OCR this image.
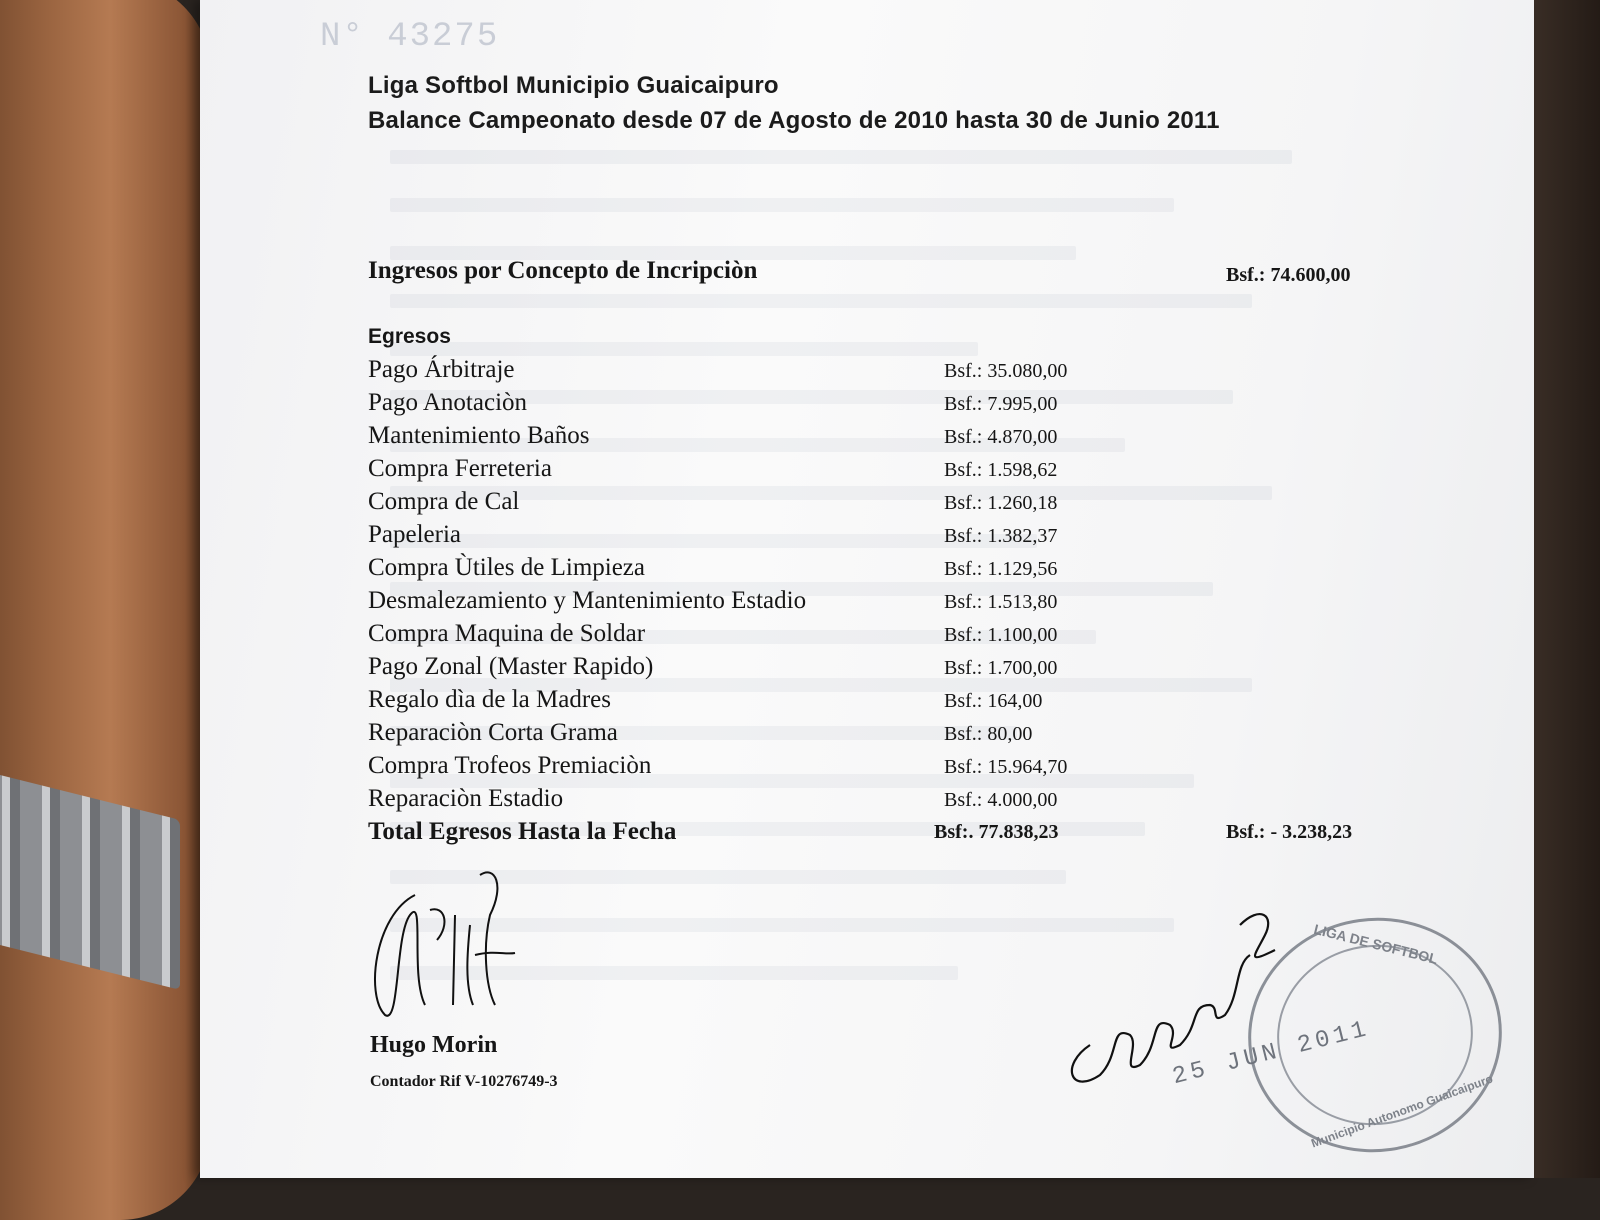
N° 43275
Liga Softbol Municipio Guaicaipuro
Balance Campeonato desde 07 de Agosto de 2010 hasta 30 de Junio 2011
Ingresos por Concepto de Incripciòn	Bsf.: 74.600,00
Egresos
Pago Árbitraje	Bsf.: 35.080,00
Pago Anotaciòn	Bsf.: 7.995,00
Mantenimiento Baños	Bsf.: 4.870,00
Compra Ferreteria	Bsf.: 1.598,62
Compra de Cal	Bsf.: 1.260,18
Papeleria	Bsf.: 1.382,37
Compra Ùtiles de Limpieza	Bsf.: 1.129,56
Desmalezamiento y Mantenimiento Estadio	Bsf.: 1.513,80
Compra Maquina de Soldar	Bsf.: 1.100,00
Pago Zonal (Master Rapido)	Bsf.: 1.700,00
Regalo dìa de la Madres	Bsf.: 164,00
Reparaciòn Corta Grama	Bsf.: 80,00
Compra Trofeos Premiaciòn	Bsf.: 15.964,70
Reparaciòn Estadio	Bsf.: 4.000,00
Total Egresos Hasta la Fecha	Bsf:. 77.838,23	Bsf.: - 3.238,23
Hugo Morin
Contador Rif V-10276749-3
LIGA DE SOFTBOL
Municipio Autonomo Guaicaipuro
25 JUN 2011
